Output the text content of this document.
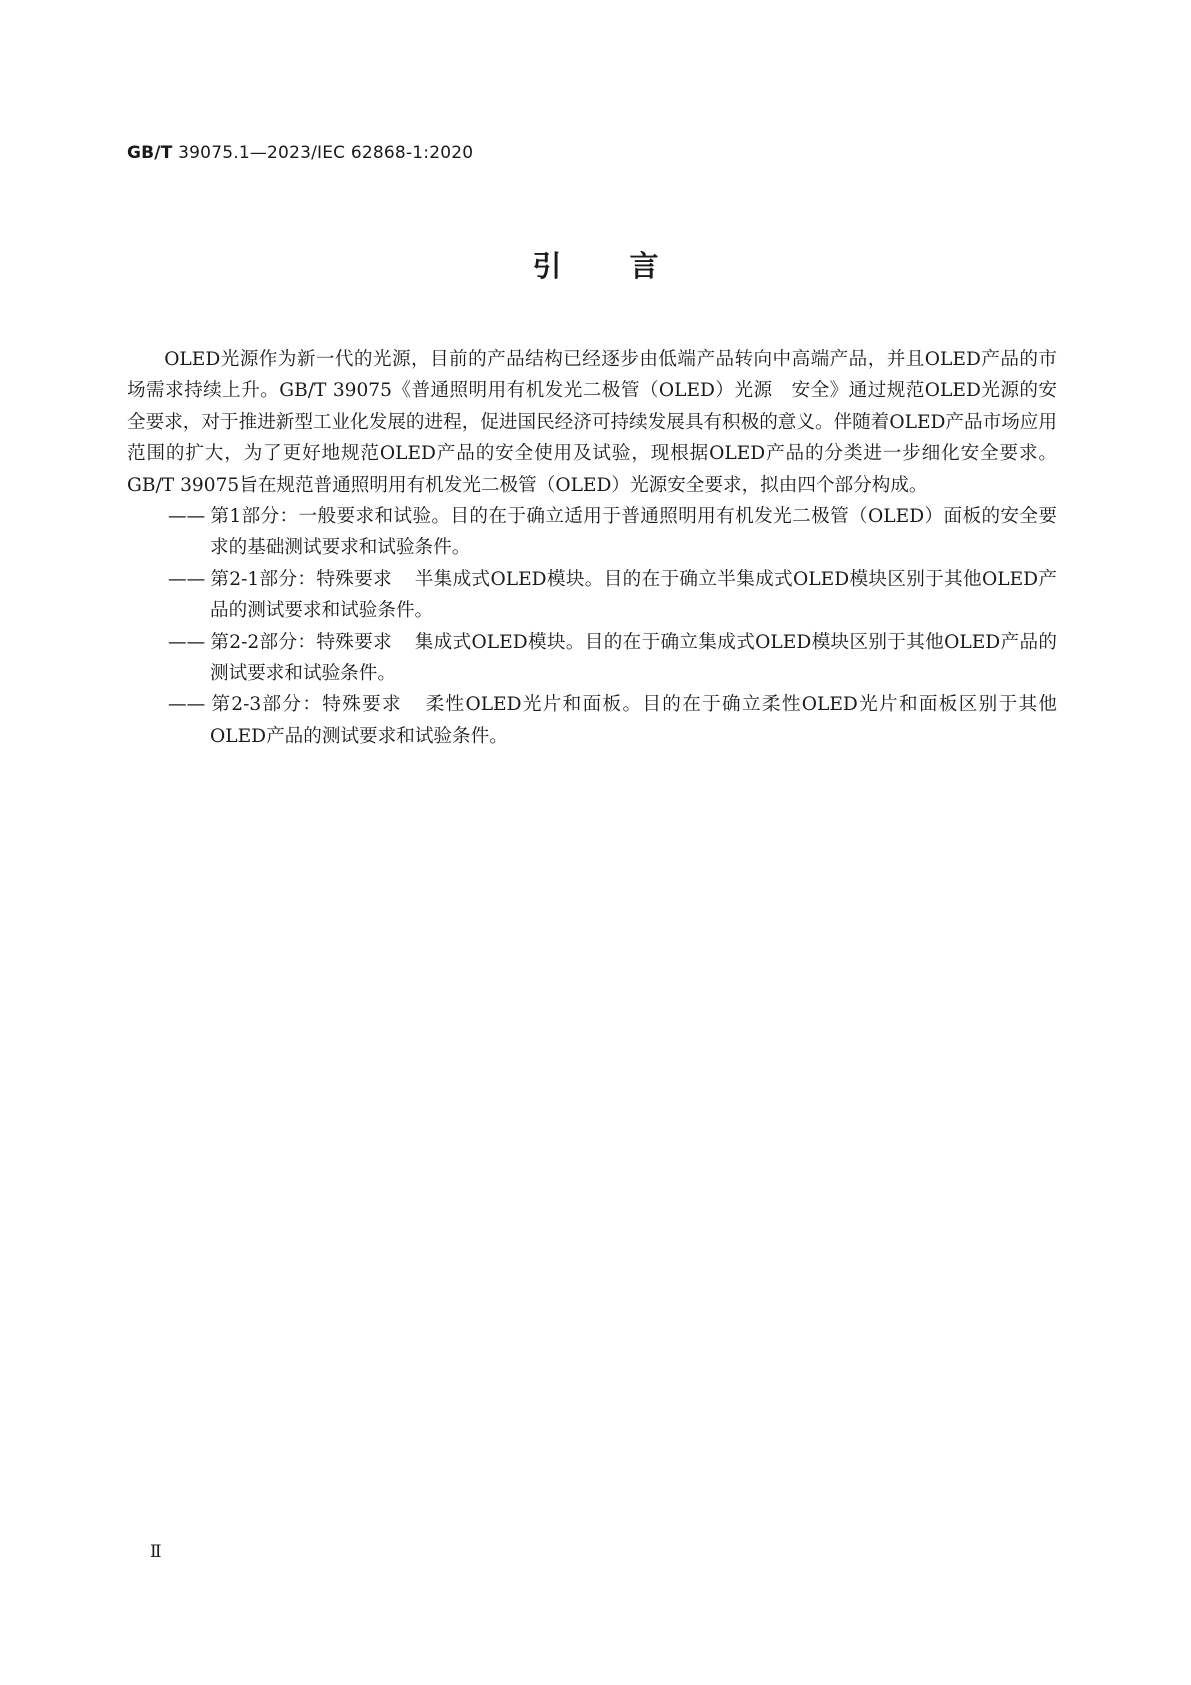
GB/T 39075.1—2023/IEC 62868-1:2020
引言

OLED光源作为新一代的光源，目前的产品结构已经逐步由低端产品转向中高端产品，并且OLED产品的市场需求持续上升。GB/T 39075《普通照明用有机发光二极管（OLED）光源　安全》通过规范OLED光源的安全要求，对于推进新型工业化发展的进程，促进国民经济可持续发展具有积极的意义。伴随着OLED产品市场应用范围的扩大，为了更好地规范OLED产品的安全使用及试验，现根据OLED产品的分类进一步细化安全要求。GB/T 39075旨在规范普通照明用有机发光二极管（OLED）光源安全要求，拟由四个部分构成。

—— 第1部分：一般要求和试验。目的在于确立适用于普通照明用有机发光二极管（OLED）面板的安全要求的基础测试要求和试验条件。
—— 第2-1部分：特殊要求 半集成式OLED模块。目的在于确立半集成式OLED模块区别于其他OLED产品的测试要求和试验条件。
—— 第2-2部分：特殊要求 集成式OLED模块。目的在于确立集成式OLED模块区别于其他OLED产品的测试要求和试验条件。
—— 第2-3部分：特殊要求 柔性OLED光片和面板。目的在于确立柔性OLED光片和面板区别于其他OLED产品的测试要求和试验条件。
Ⅱ
